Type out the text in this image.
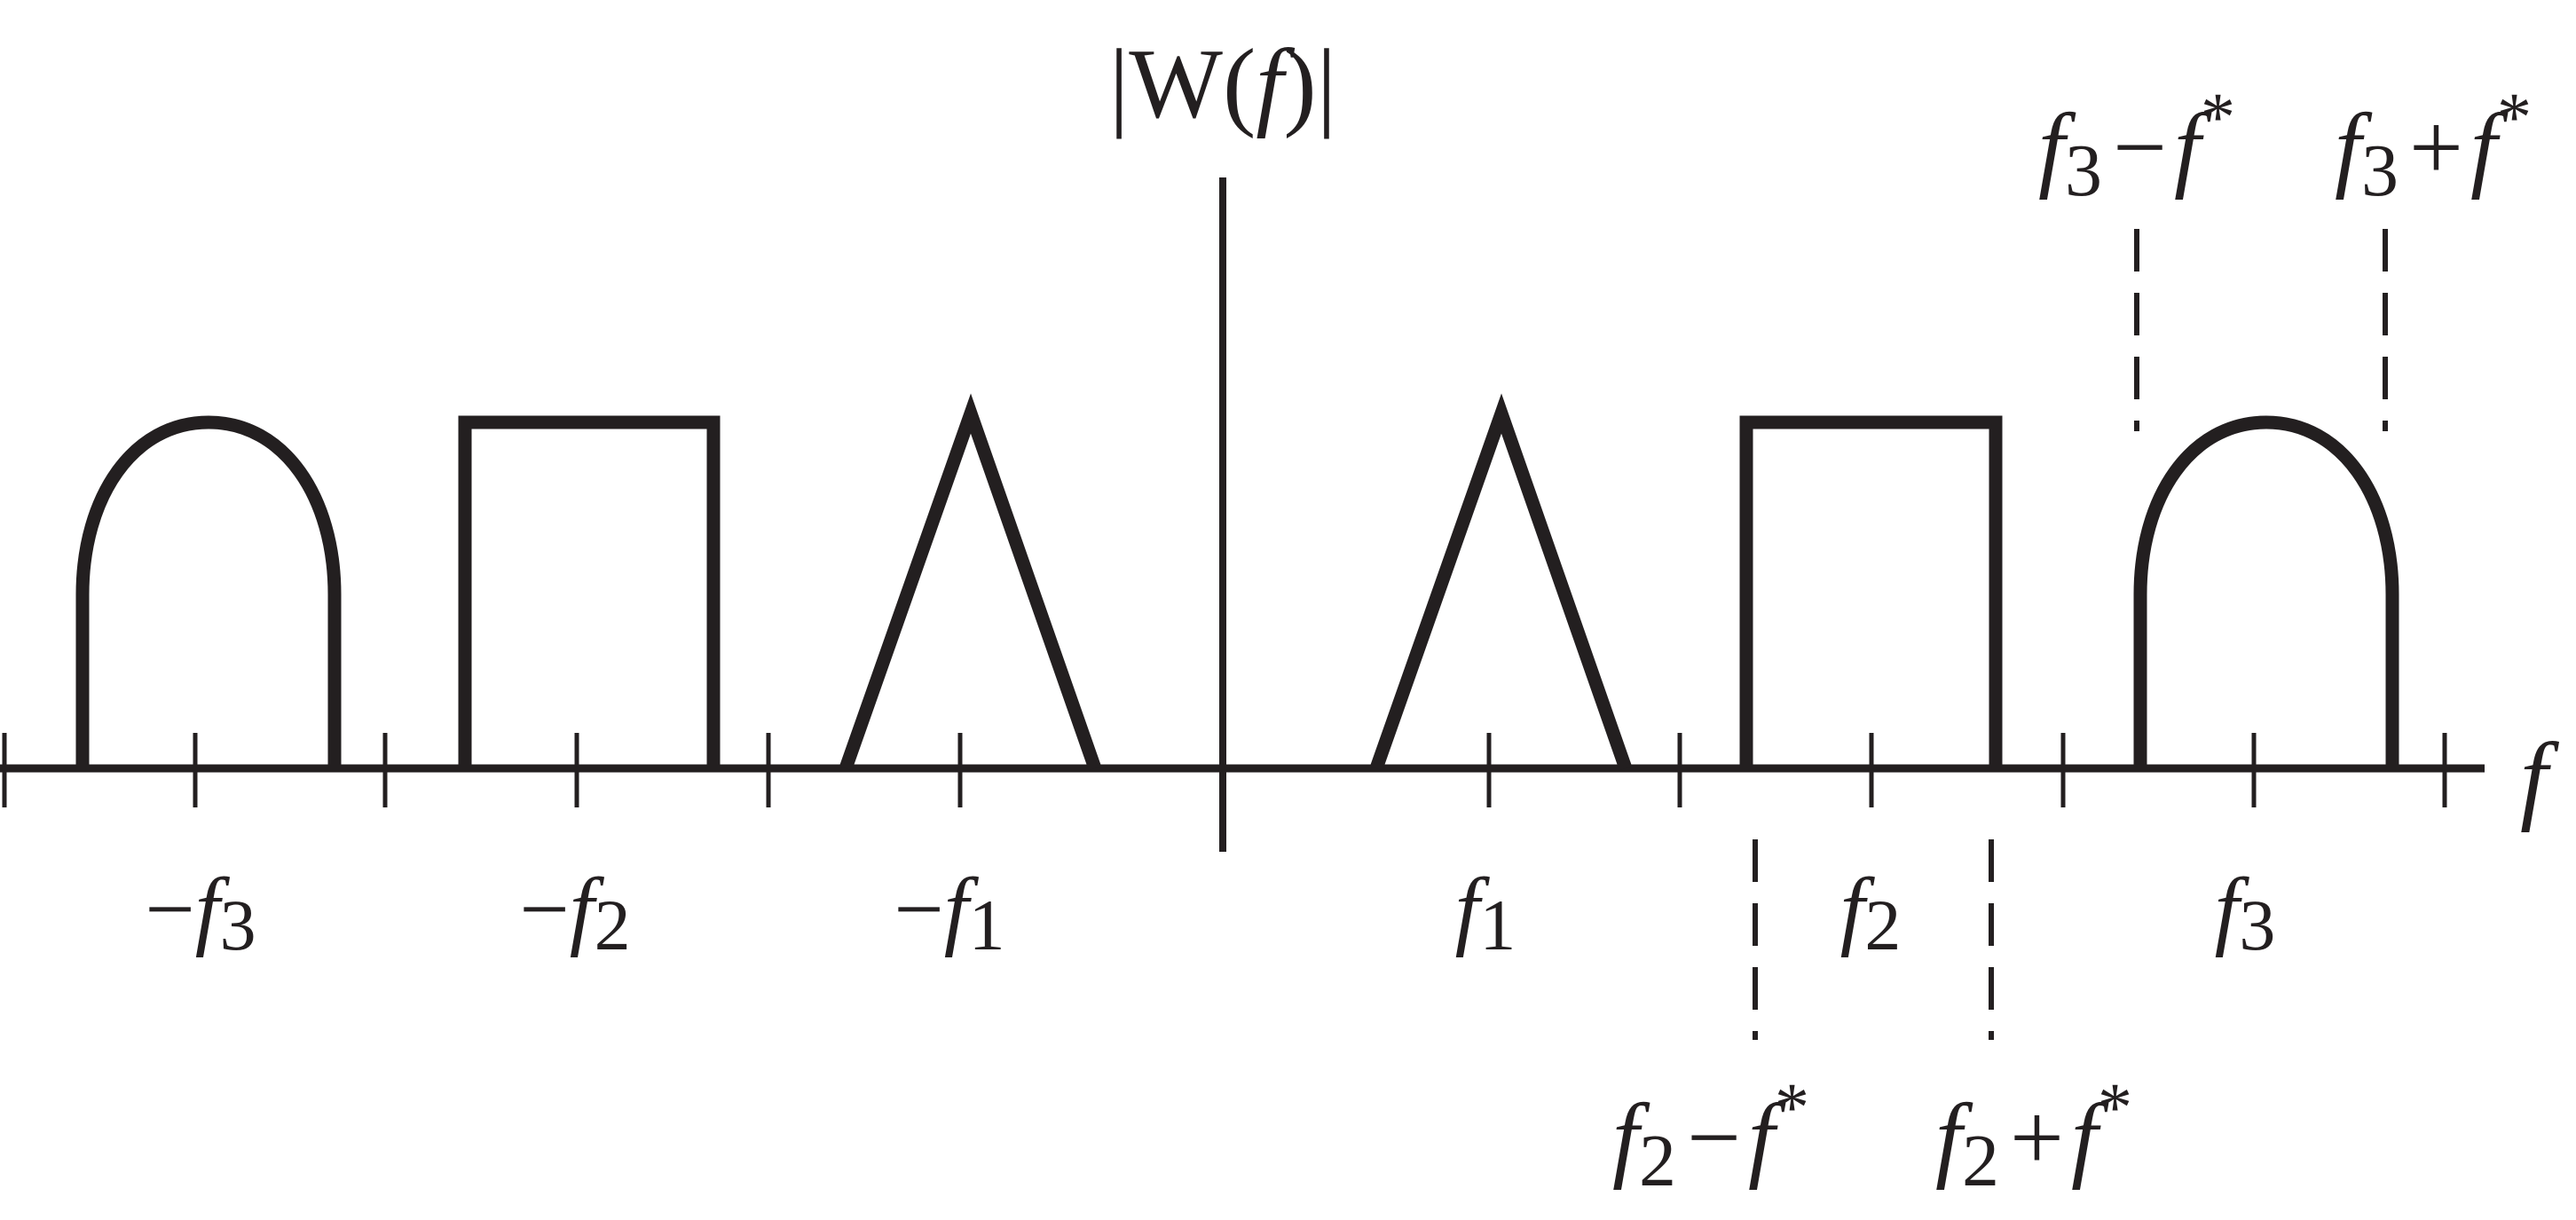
|W(f)|
f
−f3	−f2	−f1	f1	f2	f3
f3 −f* f3 +f*
f2 −f* f2 +f*
